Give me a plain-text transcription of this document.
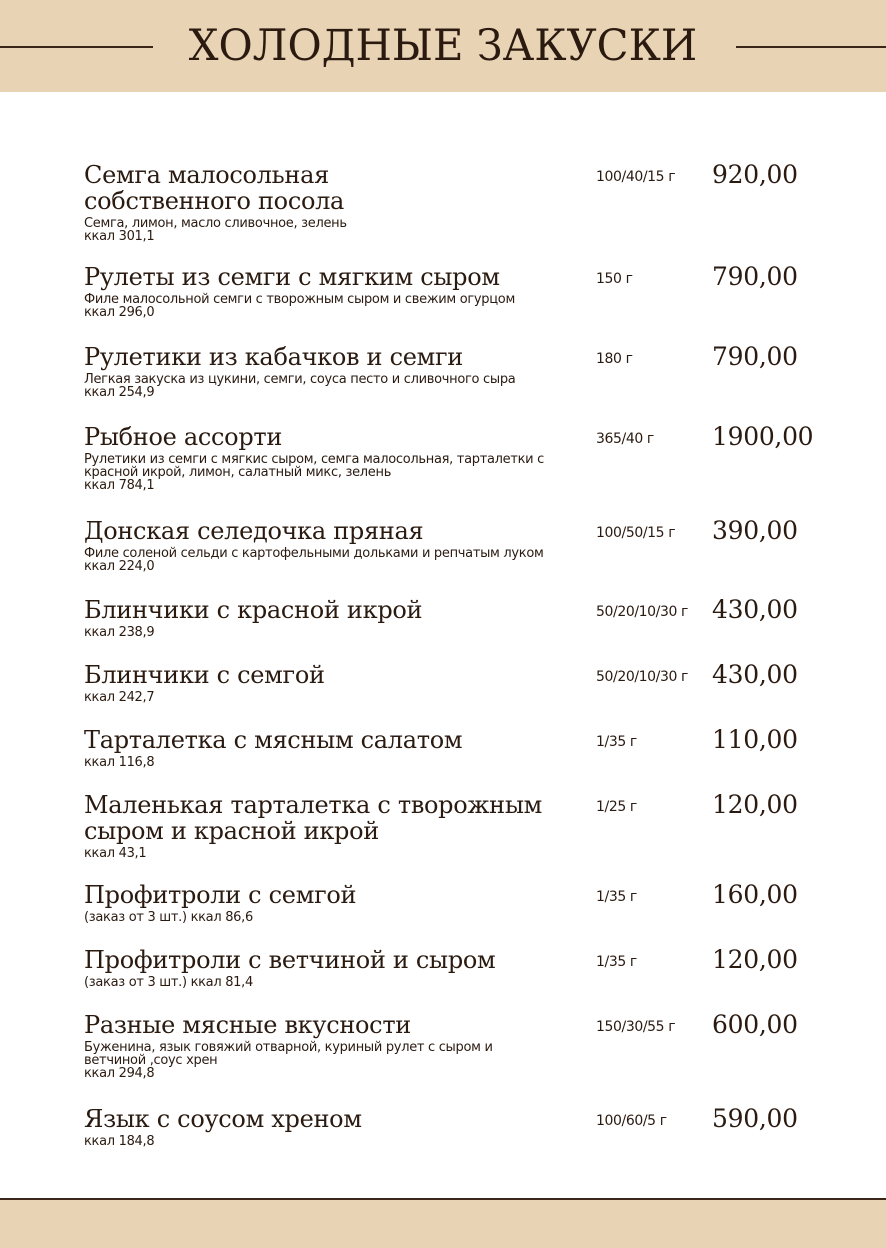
ХОЛОДНЫЕ ЗАКУСКИ
Семга малосольная собственного посола
Семга, лимон, масло сливочное, зелень
ккал 301,1
100/40/15 г 920,00
Рулеты из семги с мягким сыром
Филе малосольной семги с творожным сыром и свежим огурцом
ккал 296,0
150 г	790,00
Рулетики из кабачков и семги
Легкая закуска из цукини, семги, соуса песто и сливочного сыра
ккал 254,9
180 г	790,00
Рыбное ассорти
Рулетики из семги с мягкис сыром, семга малосольная, тарталетки с красной икрой, лимон, салатный микс, зелень
ккал 784,1
365/40 г 1900,00
Донская селедочка пряная
Филе соленой сельди с картофельными дольками и репчатым луком
ккал 224,0
100/50/15 г 390,00
Блинчики с красной икрой
ккал 238,9
50/20/10/30 г 430,00
Блинчики с семгой
ккал 242,7
50/20/10/30 г 430,00
Тарталетка с мясным салатом
ккал 116,8
1/35 г	110,00
Маленькая тарталетка с творожным сыром и красной икрой
ккал 43,1
1/25 г	120,00
Профитроли с семгой
(заказ от 3 шт.) ккал 86,6
1/35 г	160,00
Профитроли с ветчиной и сыром
(заказ от 3 шт.) ккал 81,4
1/35 г	120,00
Разные мясные вкусности
Буженина, язык говяжий отварной, куриный рулет с сыром и ветчиной ,соус хрен
ккал 294,8
150/30/55 г 600,00
Язык с соусом хреном
ккал 184,8
100/60/5 г 590,00
